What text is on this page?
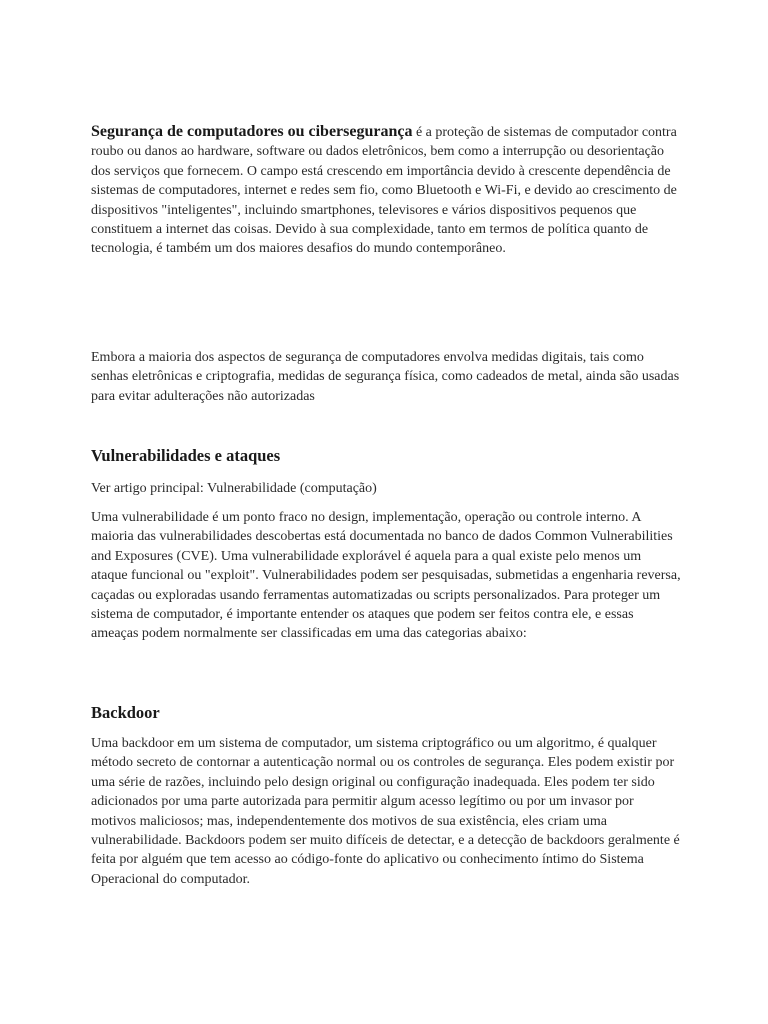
Segurança de computadores ou cibersegurança é a proteção de sistemas de computador contra roubo ou danos ao hardware, software ou dados eletrônicos, bem como a interrupção ou desorientação dos serviços que fornecem. O campo está crescendo em importância devido à crescente dependência de sistemas de computadores, internet e redes sem fio, como Bluetooth e Wi-Fi, e devido ao crescimento de dispositivos "inteligentes", incluindo smartphones, televisores e vários dispositivos pequenos que constituem a internet das coisas. Devido à sua complexidade, tanto em termos de política quanto de tecnologia, é também um dos maiores desafios do mundo contemporâneo.

Embora a maioria dos aspectos de segurança de computadores envolva medidas digitais, tais como senhas eletrônicas e criptografia, medidas de segurança física, como cadeados de metal, ainda são usadas para evitar adulterações não autorizadas

Vulnerabilidades e ataques

Ver artigo principal: Vulnerabilidade (computação)

Uma vulnerabilidade é um ponto fraco no design, implementação, operação ou controle interno. A maioria das vulnerabilidades descobertas está documentada no banco de dados Common Vulnerabilities and Exposures (CVE). Uma vulnerabilidade explorável é aquela para a qual existe pelo menos um ataque funcional ou "exploit". Vulnerabilidades podem ser pesquisadas, submetidas a engenharia reversa, caçadas ou exploradas usando ferramentas automatizadas ou scripts personalizados. Para proteger um sistema de computador, é importante entender os ataques que podem ser feitos contra ele, e essas ameaças podem normalmente ser classificadas em uma das categorias abaixo:

Backdoor

Uma backdoor em um sistema de computador, um sistema criptográfico ou um algoritmo, é qualquer método secreto de contornar a autenticação normal ou os controles de segurança. Eles podem existir por uma série de razões, incluindo pelo design original ou configuração inadequada. Eles podem ter sido adicionados por uma parte autorizada para permitir algum acesso legítimo ou por um invasor por motivos maliciosos; mas, independentemente dos motivos de sua existência, eles criam uma vulnerabilidade. Backdoors podem ser muito difíceis de detectar, e a detecção de backdoors geralmente é feita por alguém que tem acesso ao código-fonte do aplicativo ou conhecimento íntimo do Sistema Operacional do computador.
